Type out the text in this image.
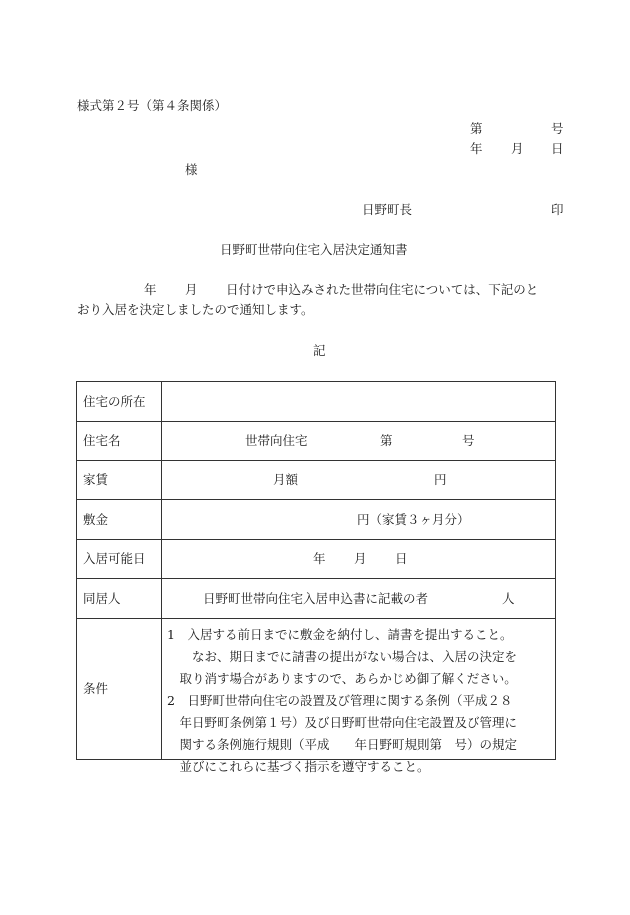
様式第２号（第４条関係）
第	号
年 月 日
様
日野町長	印
日野町世帯向住宅入居決定通知書
年 月 日付けで申込みされた世帯向住宅については、下記のと
おり入居を決定しましたので通知します。
記
住宅の所在
住宅名	世帯向住宅	第	号
家賃	月額	円
敷金	円（家賃３ヶ月分）
入居可能日	年 月 日
同居人	日野町世帯向住宅入居申込書に記載の者	人
条件
1　入居する前日までに敷金を納付し、請書を提出すること。
　　なお、期日までに請書の提出がない場合は、入居の決定を
　取り消す場合がありますので、あらかじめ御了解ください。
2　日野町世帯向住宅の設置及び管理に関する条例（平成２８
　年日野町条例第１号）及び日野町世帯向住宅設置及び管理に
　関する条例施行規則（平成　　年日野町規則第　号）の規定
　並びにこれらに基づく指示を遵守すること。
